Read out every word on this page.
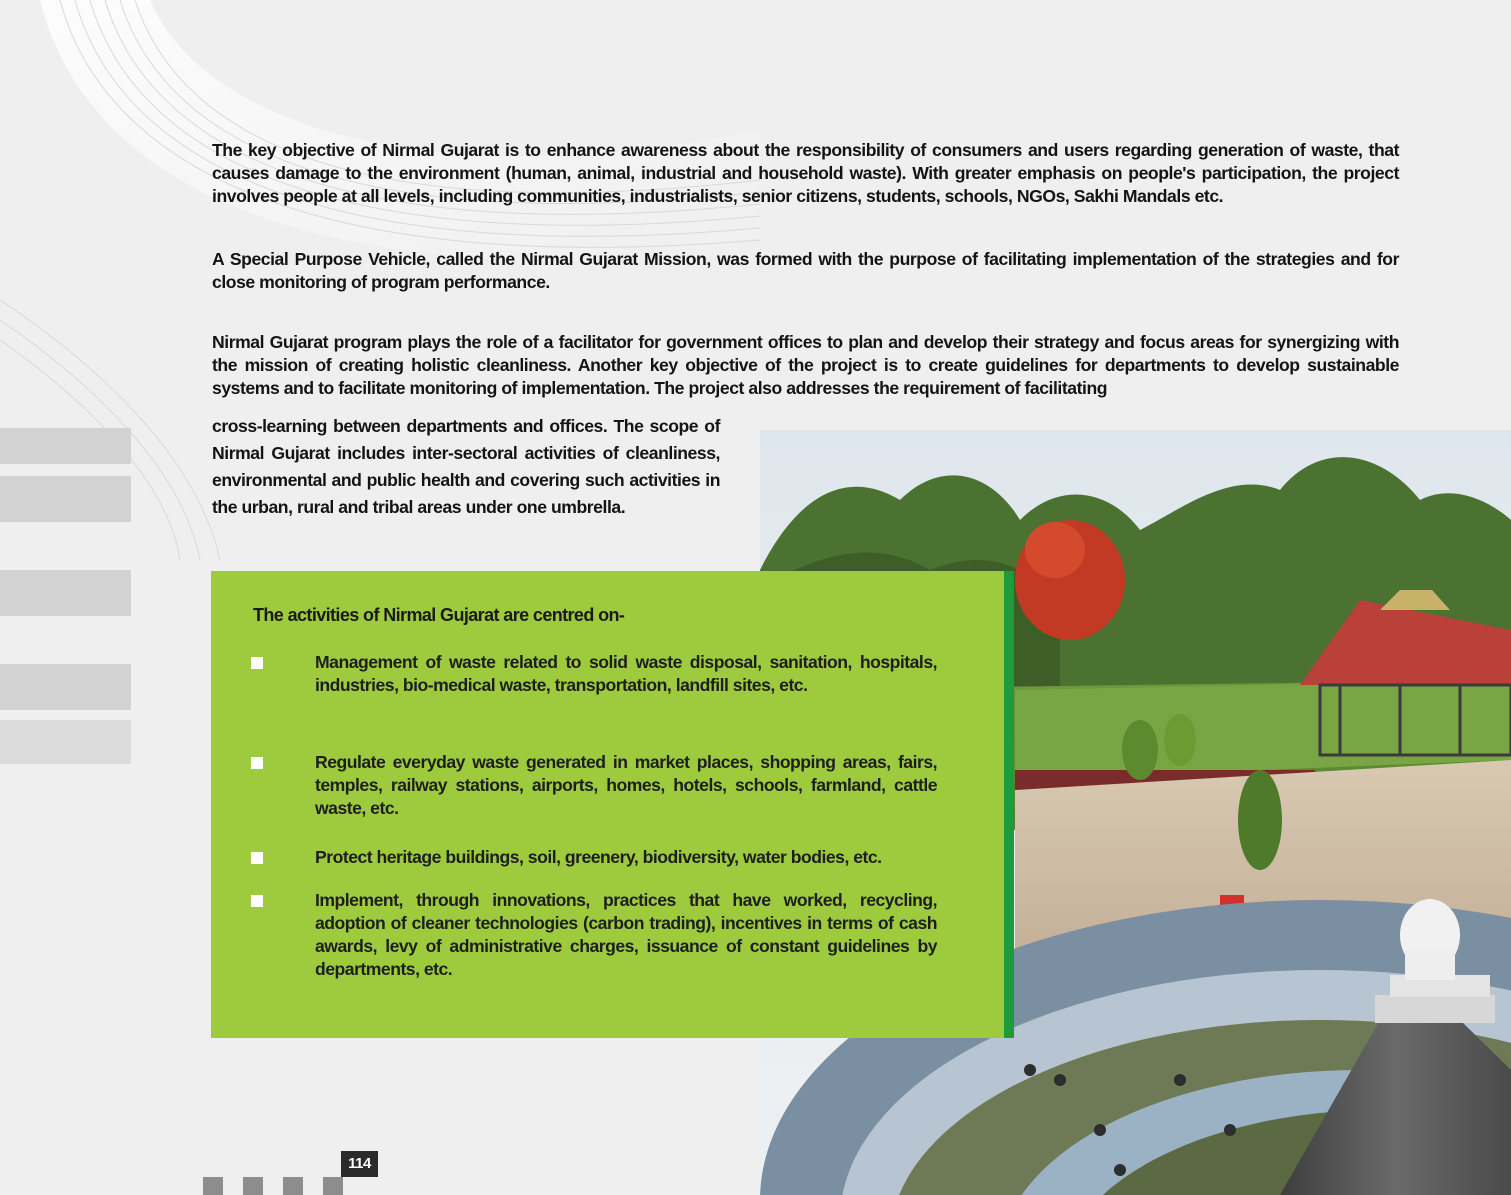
The key objective of Nirmal Gujarat is to enhance awareness about the responsibility of consumers and users regarding generation of waste, that causes damage to the environment (human, animal, industrial and household waste). With greater emphasis on people's participation, the project involves people at all levels, including communities, industrialists, senior citizens, students, schools, NGOs, Sakhi Mandals etc.

A Special Purpose Vehicle, called the Nirmal Gujarat Mission, was formed with the purpose of facilitating implementation of the strategies and for close monitoring of program performance.

Nirmal Gujarat program plays the role of a facilitator for government offices to plan and develop their strategy and focus areas for synergizing with the mission of creating holistic cleanliness. Another key objective of the project is to create guidelines for departments to develop sustainable systems and to facilitate monitoring of implementation. The project also addresses the requirement of facilitating

cross-learning between departments and offices. The scope of Nirmal Gujarat includes inter-sectoral activities of cleanliness, environmental and public health and covering such activities in the urban, rural and tribal areas under one umbrella.

The activities of Nirmal Gujarat are centred on-

Management of waste related to solid waste disposal, sanitation, hospitals, industries, bio-medical waste, transportation, landfill sites, etc.
Regulate everyday waste generated in market places, shopping areas, fairs, temples, railway stations, airports, homes, hotels, schools, farmland, cattle waste, etc.
Protect heritage buildings, soil, greenery, biodiversity, water bodies, etc.
Implement, through innovations, practices that have worked, recycling, adoption of cleaner technologies (carbon trading), incentives in terms of cash awards, levy of administrative charges, issuance of constant guidelines by departments, etc.
114
